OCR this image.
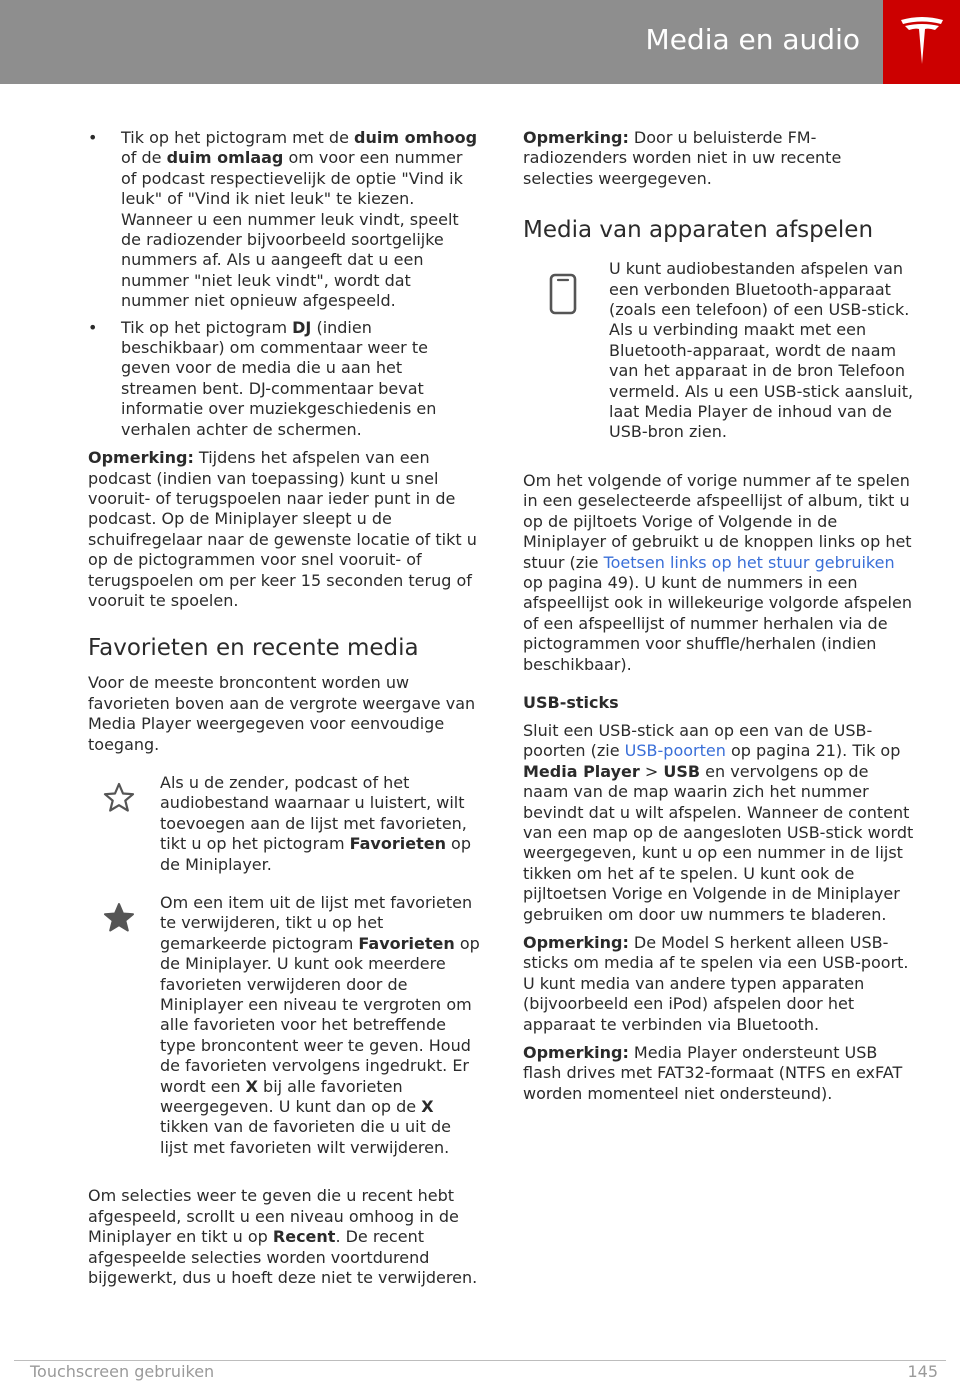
Media en audio
• Tik op het pictogram met de duim omhoog of de duim omlaag om voor een nummer of podcast respectievelijk de optie "Vind ik leuk" of "Vind ik niet leuk" te kiezen. Wanneer u een nummer leuk vindt, speelt de radiozender bijvoorbeeld soortgelijke nummers af. Als u aangeeft dat u een nummer "niet leuk vindt", wordt dat nummer niet opnieuw afgespeeld.
• Tik op het pictogram DJ (indien beschikbaar) om commentaar weer te geven voor de media die u aan het streamen bent. DJ-commentaar bevat informatie over muziekgeschiedenis en verhalen achter de schermen.

Opmerking: Tijdens het afspelen van een podcast (indien van toepassing) kunt u snel vooruit- of terugspoelen naar ieder punt in de podcast. Op de Miniplayer sleept u de schuifregelaar naar de gewenste locatie of tikt u op de pictogrammen voor snel vooruit- of terugspoelen om per keer 15 seconden terug of vooruit te spoelen.

Favorieten en recente media

Voor de meeste broncontent worden uw favorieten boven aan de vergrote weergave van Media Player weergegeven voor eenvoudige toegang.

Als u de zender, podcast of het audiobestand waarnaar u luistert, wilt toevoegen aan de lijst met favorieten, tikt u op het pictogram Favorieten op de Miniplayer.
Om een item uit de lijst met favorieten te verwijderen, tikt u op het gemarkeerde pictogram Favorieten op de Miniplayer. U kunt ook meerdere favorieten verwijderen door de Miniplayer een niveau te vergroten om alle favorieten voor het betreffende type broncontent weer te geven. Houd de favorieten vervolgens ingedrukt. Er wordt een X bij alle favorieten weergegeven. U kunt dan op de X tikken van de favorieten die u uit de lijst met favorieten wilt verwijderen.

Om selecties weer te geven die u recent hebt afgespeeld, scrollt u een niveau omhoog in de Miniplayer en tikt u op Recent. De recent afgespeelde selecties worden voortdurend bijgewerkt, dus u hoeft deze niet te verwijderen.

Opmerking: Door u beluisterde FM-radiozenders worden niet in uw recente selecties weergegeven.

Media van apparaten afspelen
U kunt audiobestanden afspelen van een verbonden Bluetooth-apparaat (zoals een telefoon) of een USB-stick. Als u verbinding maakt met een Bluetooth-apparaat, wordt de naam van het apparaat in de bron Telefoon vermeld. Als u een USB-stick aansluit, laat Media Player de inhoud van de USB-bron zien.

Om het volgende of vorige nummer af te spelen in een geselecteerde afspeellijst of album, tikt u op de pijltoets Vorige of Volgende in de Miniplayer of gebruikt u de knoppen links op het stuur (zie Toetsen links op het stuur gebruiken op pagina 49). U kunt de nummers in een afspeellijst ook in willekeurige volgorde afspelen of een afspeellijst of nummer herhalen via de pictogrammen voor shuffle/herhalen (indien beschikbaar).

USB-sticks

Sluit een USB-stick aan op een van de USB-poorten (zie USB-poorten op pagina 21). Tik op Media Player > USB en vervolgens op de naam van de map waarin zich het nummer bevindt dat u wilt afspelen. Wanneer de content van een map op de aangesloten USB-stick wordt weergegeven, kunt u op een nummer in de lijst tikken om het af te spelen. U kunt ook de pijltoetsen Vorige en Volgende in de Miniplayer gebruiken om door uw nummers te bladeren.

Opmerking: De Model S herkent alleen USB-sticks om media af te spelen via een USB-poort. U kunt media van andere typen apparaten (bijvoorbeeld een iPod) afspelen door het apparaat te verbinden via Bluetooth.

Opmerking: Media Player ondersteunt USB flash drives met FAT32-formaat (NTFS en exFAT worden momenteel niet ondersteund).

Touchscreen gebruiken	145
